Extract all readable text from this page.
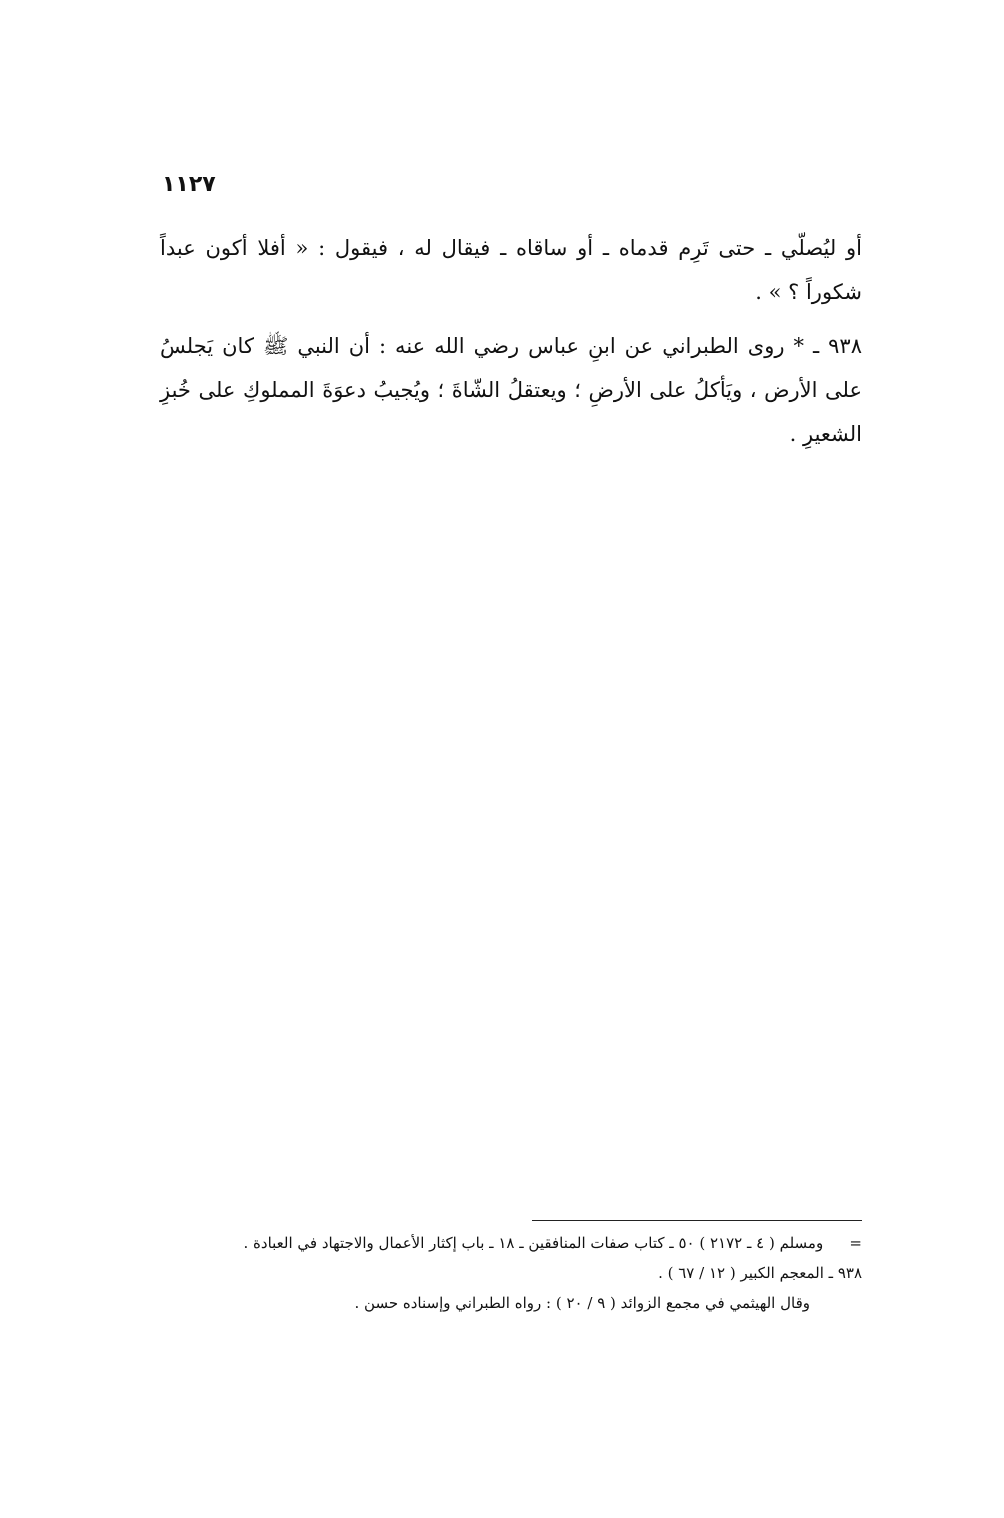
١١٢٧

أو ليُصلّي ـ حتى تَرِم قدماه ـ أو ساقاه ـ فيقال له ، فيقول : « أفلا أكون عبداً شكوراً ؟ » .

٩٣٨ ـ * روى الطبراني عن ابنِ عباس رضي الله عنه : أن النبي ﷺ كان يَجلسُ على الأرض ، ويَأكلُ على الأرضِ ؛ ويعتقلُ الشّاةَ ؛ ويُجيبُ دعوَةَ المملوكِ على خُبزِ الشعيرِ .

= ومسلم ( ٤ ـ ٢١٧٢ ) ٥٠ ـ كتاب صفات المنافقين ـ ١٨ ـ باب إكثار الأعمال والاجتهاد في العبادة .

٩٣٨ ـ المعجم الكبير ( ١٢ / ٦٧ ) .

وقال الهيثمي في مجمع الزوائد ( ٩ / ٢٠ ) : رواه الطبراني وإسناده حسن .
